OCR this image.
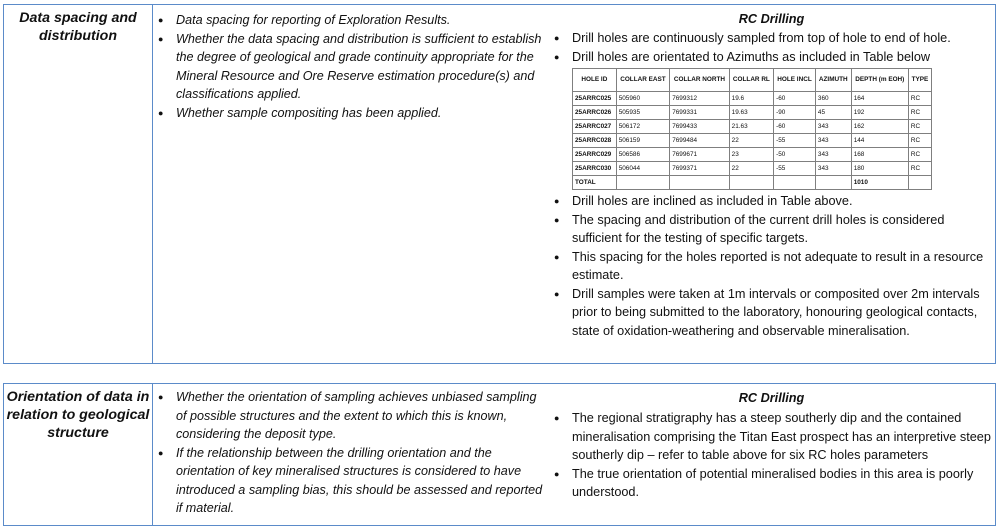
Data spacing and distribution
● Data spacing for reporting of Exploration Results.
● Whether the data spacing and distribution is sufficient to establish the degree of geological and grade continuity appropriate for the Mineral Resource and Ore Reserve estimation procedure(s) and classifications applied.
● Whether sample compositing has been applied.
RC Drilling
● Drill holes are continuously sampled from top of hole to end of hole.
● Drill holes are orientated to Azimuths as included in Table below
HOLE ID	COLLAR EAST	COLLAR NORTH	COLLAR RL	HOLE INCL	AZIMUTH	DEPTH (m EOH)	TYPE
25ARRC025	505960	7699312	19.6	-60	360	164	RC
25ARRC026	505935	7699331	19.63	-90	45	192	RC
25ARRC027	506172	7699433	21.63	-60	343	162	RC
25ARRC028	506159	7699484	22	-55	343	144	RC
25ARRC029	506586	7699671	23	-50	343	168	RC
25ARRC030	506044	7699371	22	-55	343	180	RC
TOTAL						1010	
● Drill holes are inclined as included in Table above.
● The spacing and distribution of the current drill holes is considered sufficient for the testing of specific targets.
● This spacing for the holes reported is not adequate to result in a resource estimate.
● Drill samples were taken at 1m intervals or composited over 2m intervals prior to being submitted to the laboratory, honouring geological contacts, state of oxidation-weathering and observable mineralisation.
Orientation of data in relation to geological structure
● Whether the orientation of sampling achieves unbiased sampling of possible structures and the extent to which this is known, considering the deposit type.
● If the relationship between the drilling orientation and the orientation of key mineralised structures is considered to have introduced a sampling bias, this should be assessed and reported if material.
RC Drilling
● The regional stratigraphy has a steep southerly dip and the contained mineralisation comprising the Titan East prospect has an interpretive steep southerly dip – refer to table above for six RC holes parameters
● The true orientation of potential mineralised bodies in this area is poorly understood.
